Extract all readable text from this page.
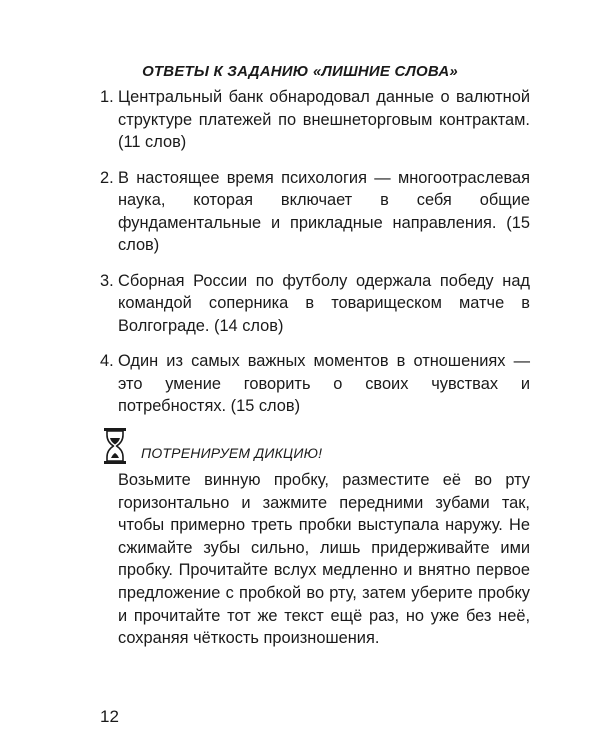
ОТВЕТЫ К ЗАДАНИЮ «ЛИШНИЕ СЛОВА»
1. Центральный банк обнародовал данные о валютной структуре платежей по внешнеторговым контрактам. (11 слов)
2. В настоящее время психология — многоотраслевая наука, которая включает в себя общие фундаментальные и прикладные направления. (15 слов)
3. Сборная России по футболу одержала победу над командой соперника в товарищеском матче в Волгограде. (14 слов)
4. Один из самых важных моментов в отношениях — это умение говорить о своих чувствах и потребностях. (15 слов)
ПОТРЕНИРУЕМ ДИКЦИЮ!

Возьмите винную пробку, разместите её во рту горизонтально и зажмите передними зубами так, чтобы примерно треть пробки выступала наружу. Не сжимайте зубы сильно, лишь придерживайте ими пробку. Прочитайте вслух медленно и внятно первое предложение с пробкой во рту, затем уберите пробку и прочитайте тот же текст ещё раз, но уже без неё, сохраняя чёткость произношения.

12
